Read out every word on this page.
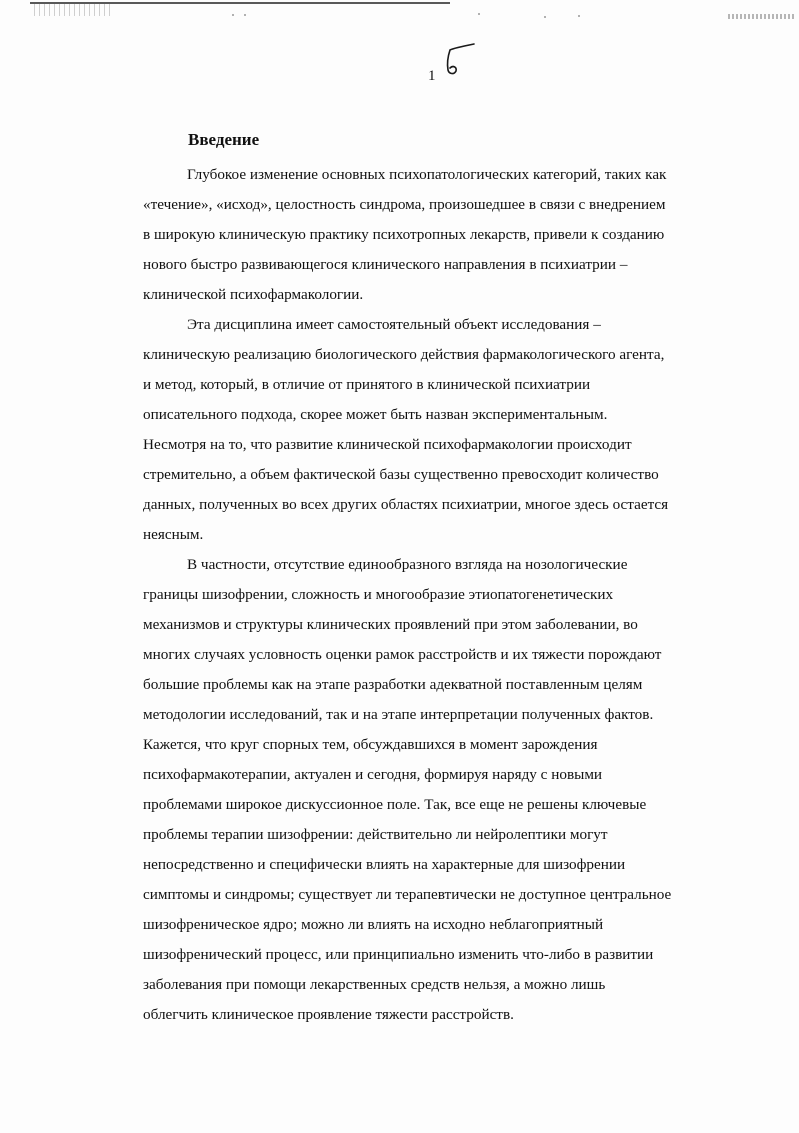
1

Введение

Глубокое изменение основных психопатологических категорий, таких как
«течение», «исход», целостность синдрома, произошедшее в связи с внедрением
в широкую клиническую практику психотропных лекарств, привели к созданию
нового быстро развивающегося клинического направления в психиатрии –
клинической психофармакологии.

Эта дисциплина имеет самостоятельный объект исследования –
клиническую реализацию биологического действия фармакологического агента,
и метод, который, в отличие от принятого в клинической психиатрии
описательного подхода, скорее может быть назван экспериментальным.
Несмотря на то, что развитие клинической психофармакологии происходит
стремительно, а объем фактической базы существенно превосходит количество
данных, полученных во всех других областях психиатрии, многое здесь остается
неясным.

В частности, отсутствие единообразного взгляда на нозологические
границы шизофрении, сложность и многообразие этиопатогенетических
механизмов и структуры клинических проявлений при этом заболевании, во
многих случаях условность оценки рамок расстройств и их тяжести порождают
большие проблемы как на этапе разработки адекватной поставленным целям
методологии исследований, так и на этапе интерпретации полученных фактов.
Кажется, что круг спорных тем, обсуждавшихся в момент зарождения
психофармакотерапии, актуален и сегодня, формируя наряду с новыми
проблемами широкое дискуссионное поле. Так, все еще не решены ключевые
проблемы терапии шизофрении: действительно ли нейролептики могут
непосредственно и специфически влиять на характерные для шизофрении
симптомы и синдромы; существует ли терапевтически не доступное центральное
шизофреническое ядро; можно ли влиять на исходно неблагоприятный
шизофренический процесс, или принципиально изменить что-либо в развитии
заболевания при помощи лекарственных средств нельзя, а можно лишь
облегчить клиническое проявление тяжести расстройств.
